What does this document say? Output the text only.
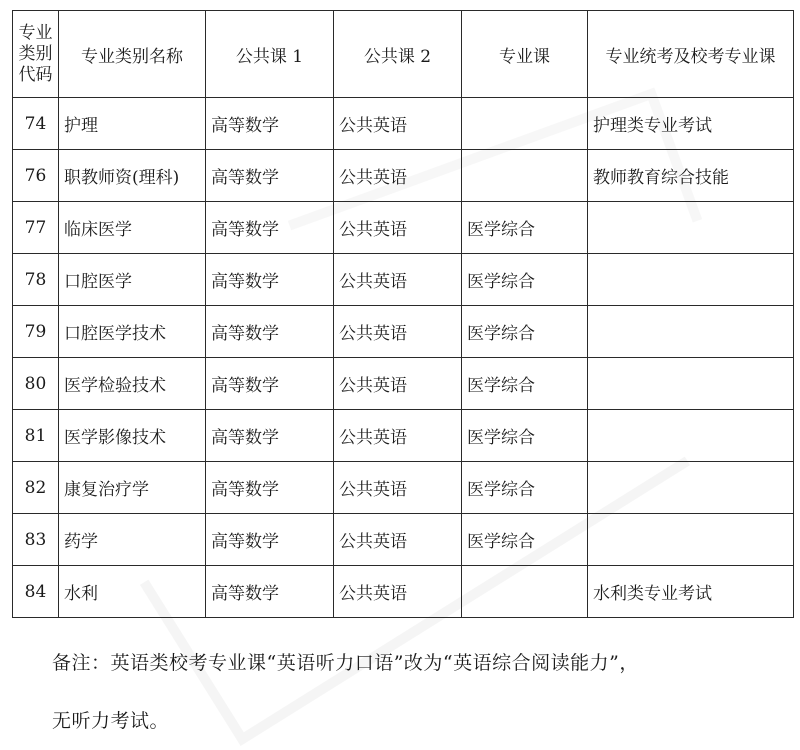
专业
类别
代码	专业类别名称	公共课 1	公共课 2	专业课	专业统考及校考专业课
74	护理	高等数学	公共英语		护理类专业考试
76	职教师资(理科)	高等数学	公共英语		教师教育综合技能
77	临床医学	高等数学	公共英语	医学综合	
78	口腔医学	高等数学	公共英语	医学综合	
79	口腔医学技术	高等数学	公共英语	医学综合	
80	医学检验技术	高等数学	公共英语	医学综合	
81	医学影像技术	高等数学	公共英语	医学综合	
82	康复治疗学	高等数学	公共英语	医学综合	
83	药学	高等数学	公共英语	医学综合	
84	水利	高等数学	公共英语		水利类专业考试
备注：英语类校考专业课“英语听力口语”改为“英语综合阅读能力”，
无听力考试。
